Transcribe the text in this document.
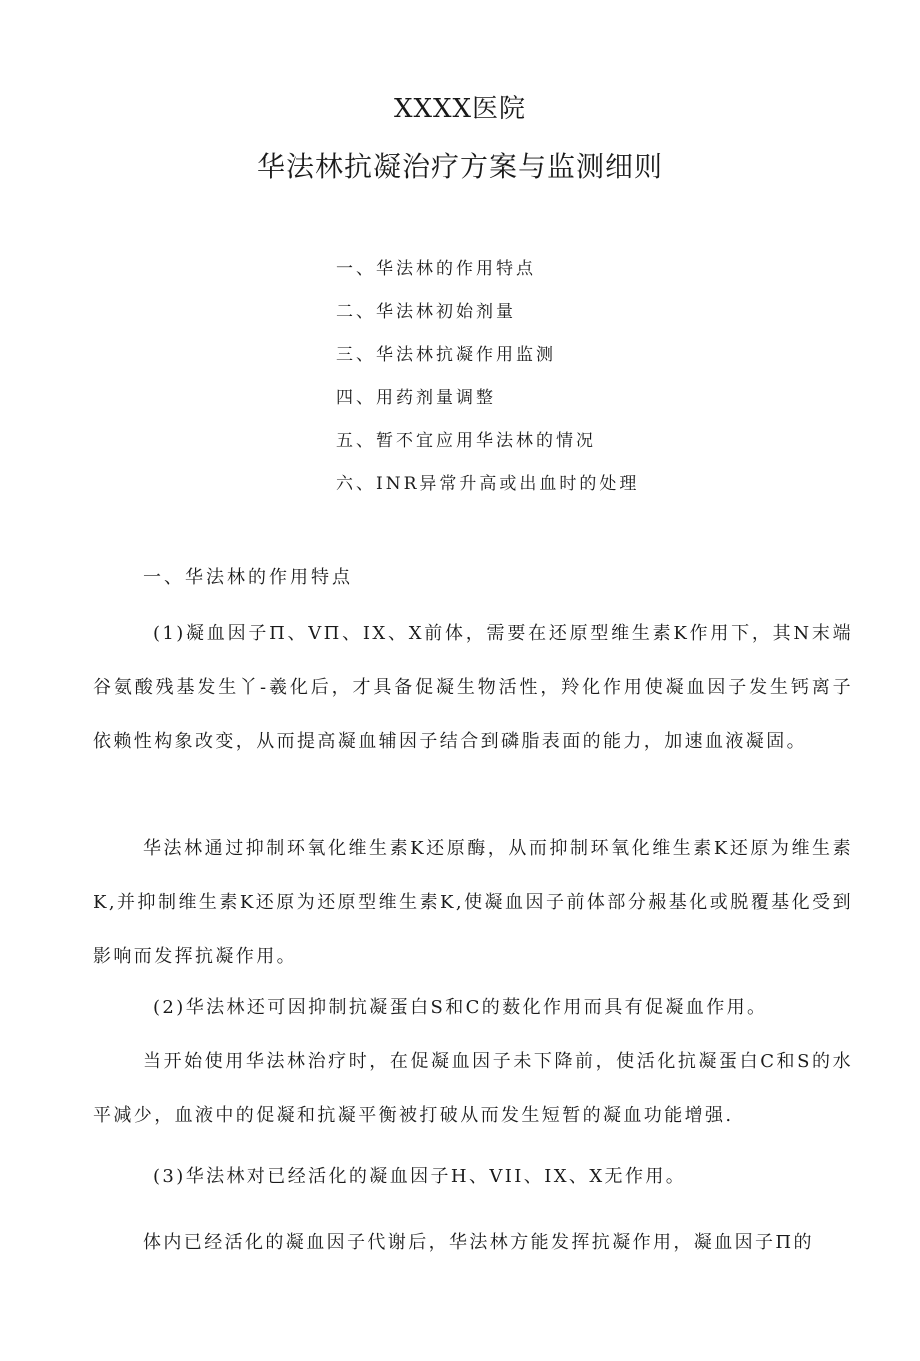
XXXX医院
华法林抗凝治疗方案与监测细则
一、华法林的作用特点
二、华法林初始剂量
三、华法林抗凝作用监测
四、用药剂量调整
五、暂不宜应用华法林的情况
六、INR异常升高或出血时的处理
一、华法林的作用特点

(1)凝血因子Π、VΠ、IX、X前体，需要在还原型维生素K作用下，其N末端谷氨酸残基发生丫-羲化后，才具备促凝生物活性，羚化作用使凝血因子发生钙离子依赖性构象改变，从而提高凝血辅因子结合到磷脂表面的能力，加速血液凝固。

华法林通过抑制环氧化维生素K还原酶，从而抑制环氧化维生素K还原为维生素K,并抑制维生素K还原为还原型维生素K,使凝血因子前体部分赧基化或脱覆基化受到影响而发挥抗凝作用。

(2)华法林还可因抑制抗凝蛋白S和C的薮化作用而具有促凝血作用。

当开始使用华法林治疗时，在促凝血因子未下降前，使活化抗凝蛋白C和S的水平减少，血液中的促凝和抗凝平衡被打破从而发生短暂的凝血功能增强.

(3)华法林对已经活化的凝血因子H、VII、IX、X无作用。

体内已经活化的凝血因子代谢后，华法林方能发挥抗凝作用，凝血因子Π的
